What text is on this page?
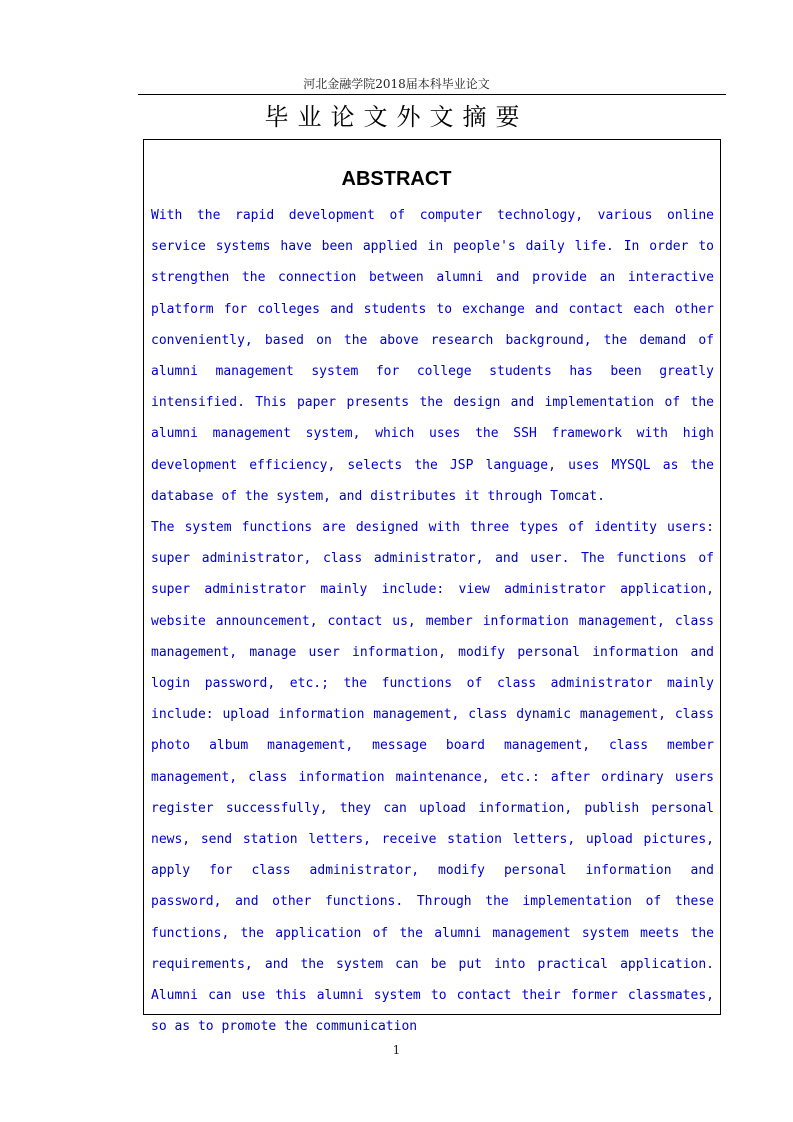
河北金融学院2018届本科毕业论文
毕业论文外文摘要
ABSTRACT

With the rapid development of computer technology, various online service systems have been applied in people's daily life. In order to strengthen the connection between alumni and provide an interactive platform for colleges and students to exchange and contact each other conveniently, based on the above research background, the demand of alumni management system for college students has been greatly intensified. This paper presents the design and implementation of the alumni management system, which uses the SSH framework with high development efficiency, selects the JSP language, uses MYSQL as the database of the system, and distributes it through Tomcat.

The system functions are designed with three types of identity users: super administrator, class administrator, and user. The functions of super administrator mainly include: view administrator application, website announcement, contact us, member information management, class management, manage user information, modify personal information and login password, etc.; the functions of class administrator mainly include: upload information management, class dynamic management, class photo album management, message board management, class member management, class information maintenance, etc.: after ordinary users register successfully, they can upload information, publish personal news, send station letters, receive station letters, upload pictures, apply for class administrator, modify personal information and password, and other functions. Through the implementation of these functions, the application of the alumni management system meets the requirements, and the system can be put into practical application. Alumni can use this alumni system to contact their former classmates, so as to promote the communication

1
